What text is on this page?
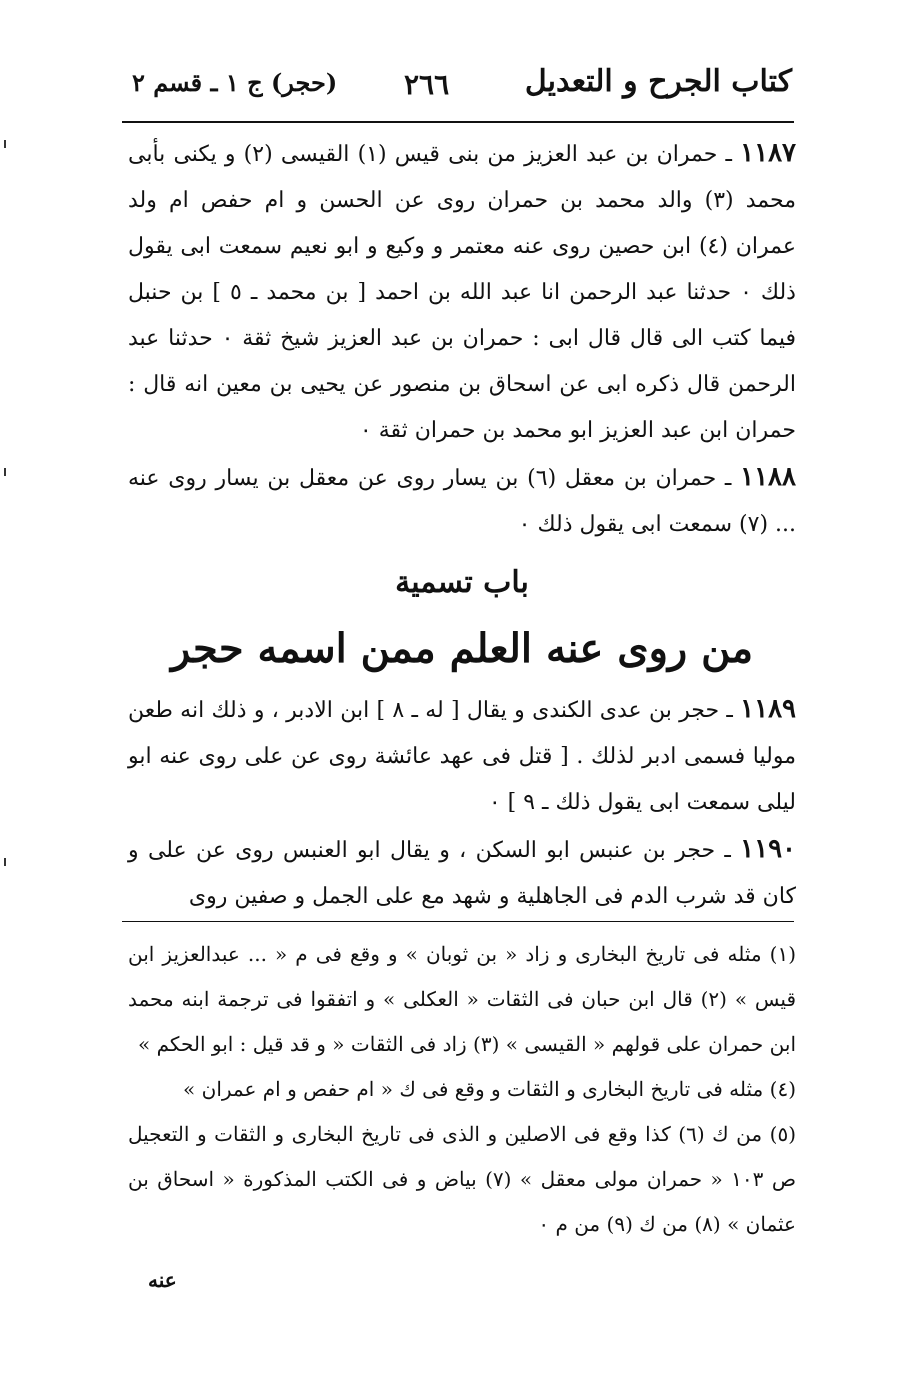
كتاب الجرح و التعديل
٢٦٦
(حجر) ج ١ ـ قسم ٢

١١٨٧ ـ حمران بن عبد العزيز من بنى قيس (١) القيسى (٢) و يكنى بأبى محمد (٣) والد محمد بن حمران روى عن الحسن و ام حفص ام ولد عمران (٤) ابن حصين روى عنه معتمر و وكيع و ابو نعيم سمعت ابى يقول ذلك ٠ حدثنا عبد الرحمن انا عبد الله بن احمد [ بن محمد ـ ٥ ] بن حنبل فيما كتب الى قال قال ابى : حمران بن عبد العزيز شيخ ثقة ٠ حدثنا عبد الرحمن قال ذكره ابى عن اسحاق بن منصور عن يحيى بن معين انه قال : حمران ابن عبد العزيز ابو محمد بن حمران ثقة ٠

١١٨٨ ـ حمران بن معقل (٦) بن يسار روى عن معقل بن يسار روى عنه ... (٧) سمعت ابى يقول ذلك ٠

باب تسمية
من روى عنه العلم ممن اسمه حجر

١١٨٩ ـ حجر بن عدى الكندى و يقال [ له ـ ٨ ] ابن الادبر ، و ذلك انه طعن موليا فسمى ادبر لذلك . [ قتل فى عهد عائشة روى عن على روى عنه ابو ليلى سمعت ابى يقول ذلك ـ ٩ ] ٠

١١٩٠ ـ حجر بن عنبس ابو السكن ، و يقال ابو العنبس روى عن على و كان قد شرب الدم فى الجاهلية و شهد مع على الجمل و صفين روى

(١) مثله فى تاريخ البخارى و زاد « بن ثوبان » و وقع فى م « ... عبدالعزيز ابن قيس » (٢) قال ابن حبان فى الثقات « العكلى » و اتفقوا فى ترجمة ابنه محمد ابن حمران على قولهم « القيسى » (٣) زاد فى الثقات « و قد قيل : ابو الحكم »

(٤) مثله فى تاريخ البخارى و الثقات و وقع فى ك « ام حفص و ام عمران »

(٥) من ك (٦) كذا وقع فى الاصلين و الذى فى تاريخ البخارى و الثقات و التعجيل ص ١٠٣ « حمران مولى معقل » (٧) بياض و فى الكتب المذكورة « اسحاق بن عثمان » (٨) من ك (٩) من م ٠

عنه
